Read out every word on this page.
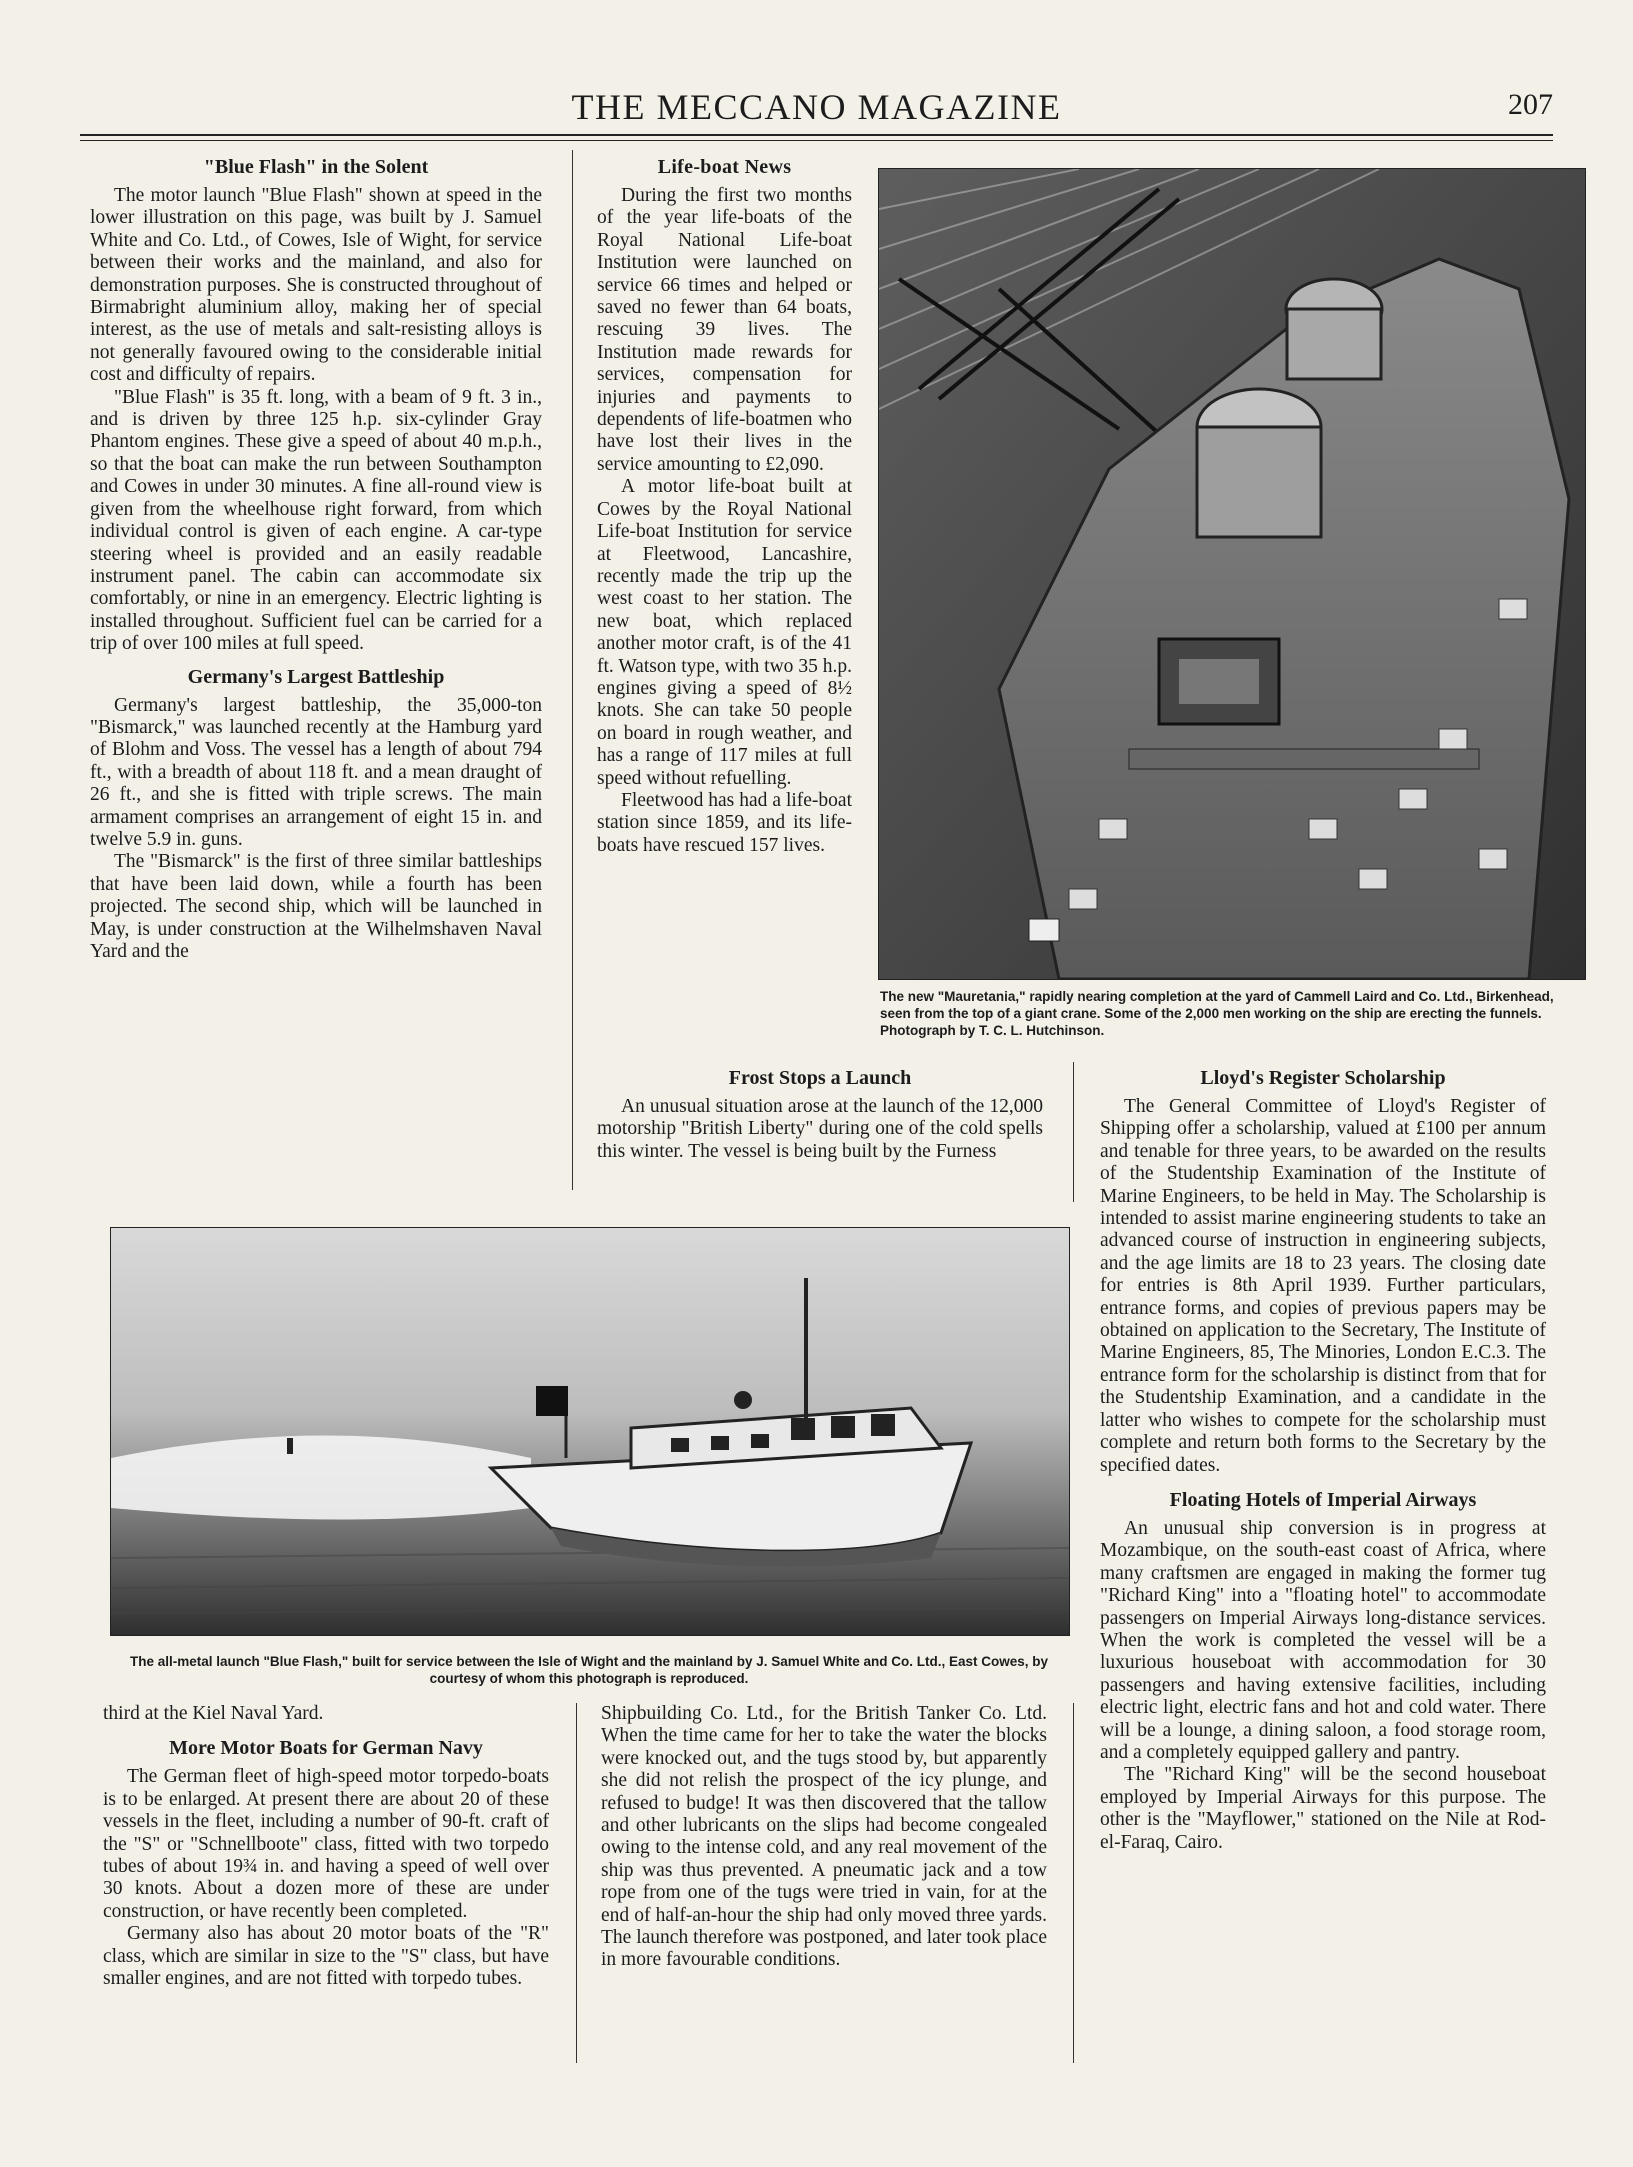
THE MECCANO MAGAZINE	207
"Blue Flash" in the Solent

The motor launch "Blue Flash" shown at speed in the lower illustration on this page, was built by J. Samuel White and Co. Ltd., of Cowes, Isle of Wight, for service between their works and the mainland, and also for demonstration purposes. She is constructed throughout of Birmabright aluminium alloy, making her of special interest, as the use of metals and salt-resisting alloys is not generally favoured owing to the considerable initial cost and difficulty of repairs.

"Blue Flash" is 35 ft. long, with a beam of 9 ft. 3 in., and is driven by three 125 h.p. six-cylinder Gray Phantom engines. These give a speed of about 40 m.p.h., so that the boat can make the run between Southampton and Cowes in under 30 minutes. A fine all-round view is given from the wheelhouse right forward, from which individual control is given of each engine. A car-type steering wheel is provided and an easily readable instrument panel. The cabin can accommodate six comfortably, or nine in an emergency. Electric lighting is installed throughout. Sufficient fuel can be carried for a trip of over 100 miles at full speed.

Germany's Largest Battleship

Germany's largest battleship, the 35,000-ton "Bismarck," was launched recently at the Hamburg yard of Blohm and Voss. The vessel has a length of about 794 ft., with a breadth of about 118 ft. and a mean draught of 26 ft., and she is fitted with triple screws. The main armament comprises an arrangement of eight 15 in. and twelve 5.9 in. guns.

The "Bismarck" is the first of three similar battleships that have been laid down, while a fourth has been projected. The second ship, which will be launched in May, is under construction at the Wilhelmshaven Naval Yard and the

Life-boat News

During the first two months of the year life-boats of the Royal National Life-boat Institution were launched on service 66 times and helped or saved no fewer than 64 boats, rescuing 39 lives. The Institution made rewards for services, compensation for injuries and payments to dependents of life-boatmen who have lost their lives in the service amounting to £2,090.

A motor life-boat built at Cowes by the Royal National Life-boat Institution for service at Fleetwood, Lancashire, recently made the trip up the west coast to her station. The new boat, which replaced another motor craft, is of the 41 ft. Watson type, with two 35 h.p. engines giving a speed of 8½ knots. She can take 50 people on board in rough weather, and has a range of 117 miles at full speed without refuelling.

Fleetwood has had a life-boat station since 1859, and its life-boats have rescued 157 lives.

The new "Mauretania," rapidly nearing completion at the yard of Cammell Laird and Co. Ltd., Birkenhead, seen from the top of a giant crane. Some of the 2,000 men working on the ship are erecting the funnels. Photograph by T. C. L. Hutchinson.
Frost Stops a Launch

An unusual situation arose at the launch of the 12,000 motorship "British Liberty" during one of the cold spells this winter. The vessel is being built by the Furness

Lloyd's Register Scholarship

The General Committee of Lloyd's Register of Shipping offer a scholarship, valued at £100 per annum and tenable for three years, to be awarded on the results of the Studentship Examination of the Institute of Marine Engineers, to be held in May. The Scholarship is intended to assist marine engineering students to take an advanced course of instruction in engineering subjects, and the age limits are 18 to 23 years. The closing date for entries is 8th April 1939. Further particulars, entrance forms, and copies of previous papers may be obtained on application to the Secretary, The Institute of Marine Engineers, 85, The Minories, London E.C.3. The entrance form for the scholarship is distinct from that for the Studentship Examination, and a candidate in the latter who wishes to compete for the scholarship must complete and return both forms to the Secretary by the specified dates.

Floating Hotels of Imperial Airways

An unusual ship conversion is in progress at Mozambique, on the south-east coast of Africa, where many craftsmen are engaged in making the former tug "Richard King" into a "floating hotel" to accommodate passengers on Imperial Airways long-distance services. When the work is completed the vessel will be a luxurious houseboat with accommodation for 30 passengers and having extensive facilities, including electric light, electric fans and hot and cold water. There will be a lounge, a dining saloon, a food storage room, and a completely equipped gallery and pantry.

The "Richard King" will be the second houseboat employed by Imperial Airways for this purpose. The other is the "Mayflower," stationed on the Nile at Rod-el-Faraq, Cairo.

The all-metal launch "Blue Flash," built for service between the Isle of Wight and the mainland by J. Samuel White and Co. Ltd., East Cowes, by courtesy of whom this photograph is reproduced.

third at the Kiel Naval Yard.

More Motor Boats for German Navy

The German fleet of high-speed motor torpedo-boats is to be enlarged. At present there are about 20 of these vessels in the fleet, including a number of 90-ft. craft of the "S" or "Schnellboote" class, fitted with two torpedo tubes of about 19¾ in. and having a speed of well over 30 knots. About a dozen more of these are under construction, or have recently been completed.

Germany also has about 20 motor boats of the "R" class, which are similar in size to the "S" class, but have smaller engines, and are not fitted with torpedo tubes.

Shipbuilding Co. Ltd., for the British Tanker Co. Ltd. When the time came for her to take the water the blocks were knocked out, and the tugs stood by, but apparently she did not relish the prospect of the icy plunge, and refused to budge! It was then discovered that the tallow and other lubricants on the slips had become congealed owing to the intense cold, and any real movement of the ship was thus prevented. A pneumatic jack and a tow rope from one of the tugs were tried in vain, for at the end of half-an-hour the ship had only moved three yards. The launch therefore was postponed, and later took place in more favourable conditions.
